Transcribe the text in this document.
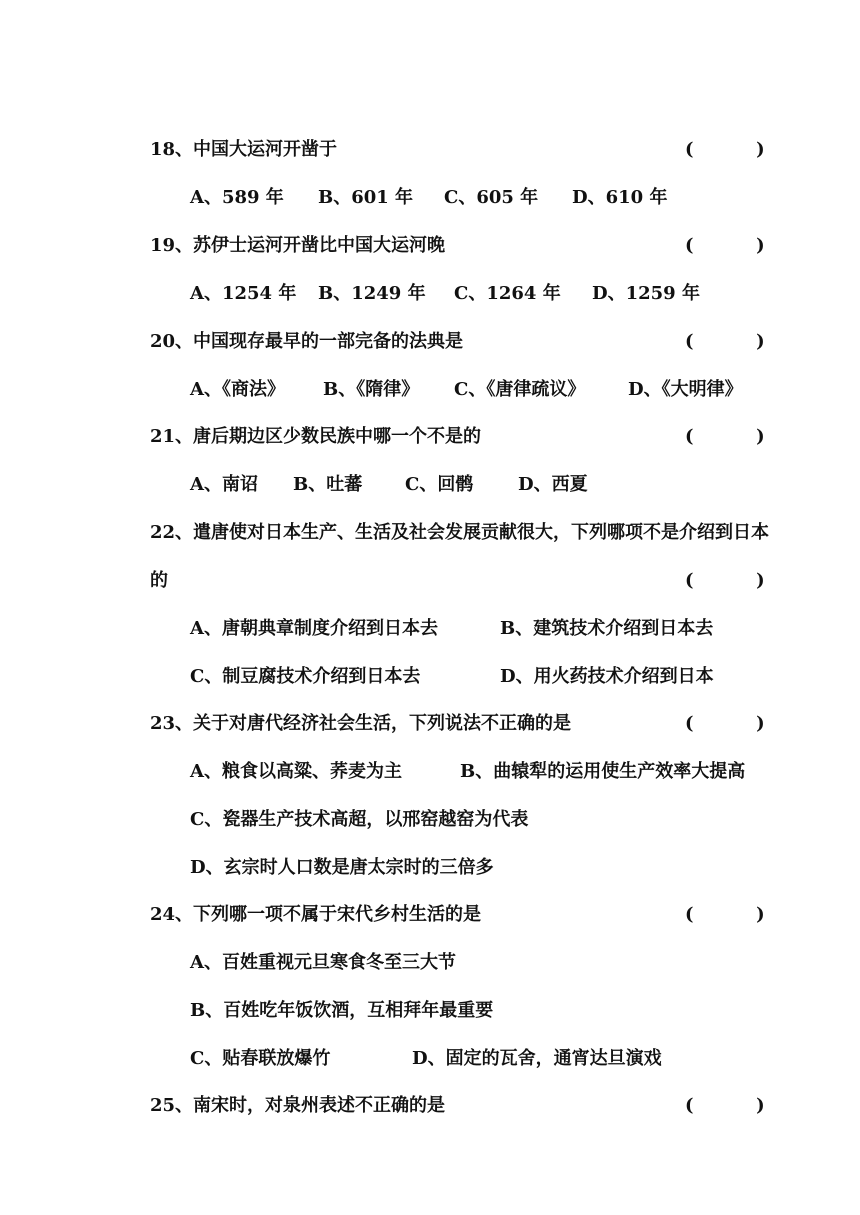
18、中国大运河开凿于	(          )
A、589 年 B、601 年 C、605 年 D、610 年
19、苏伊士运河开凿比中国大运河晚	(          )
A、1254 年 B、1249 年 C、1264 年 D、1259 年
20、中国现存最早的一部完备的法典是	(          )
A、《商法》 B、《隋律》 C、《唐律疏议》 D、《大明律》
21、唐后期边区少数民族中哪一个不是的	(          )
A、南诏 B、吐蕃 C、回鹘 D、西夏
22、遣唐使对日本生产、生活及社会发展贡献很大，下列哪项不是介绍到日本
的	(          )
A、唐朝典章制度介绍到日本去	B、建筑技术介绍到日本去
C、制豆腐技术介绍到日本去	D、用火药技术介绍到日本
23、关于对唐代经济社会生活，下列说法不正确的是	(          )
A、粮食以高粱、荞麦为主	B、曲辕犁的运用使生产效率大提高
C、瓷器生产技术高超，以邢窑越窑为代表
D、玄宗时人口数是唐太宗时的三倍多
24、下列哪一项不属于宋代乡村生活的是	(          )
A、百姓重视元旦寒食冬至三大节
B、百姓吃年饭饮酒，互相拜年最重要
C、贴春联放爆竹	D、固定的瓦舍，通宵达旦演戏
25、南宋时，对泉州表述不正确的是	(          )
